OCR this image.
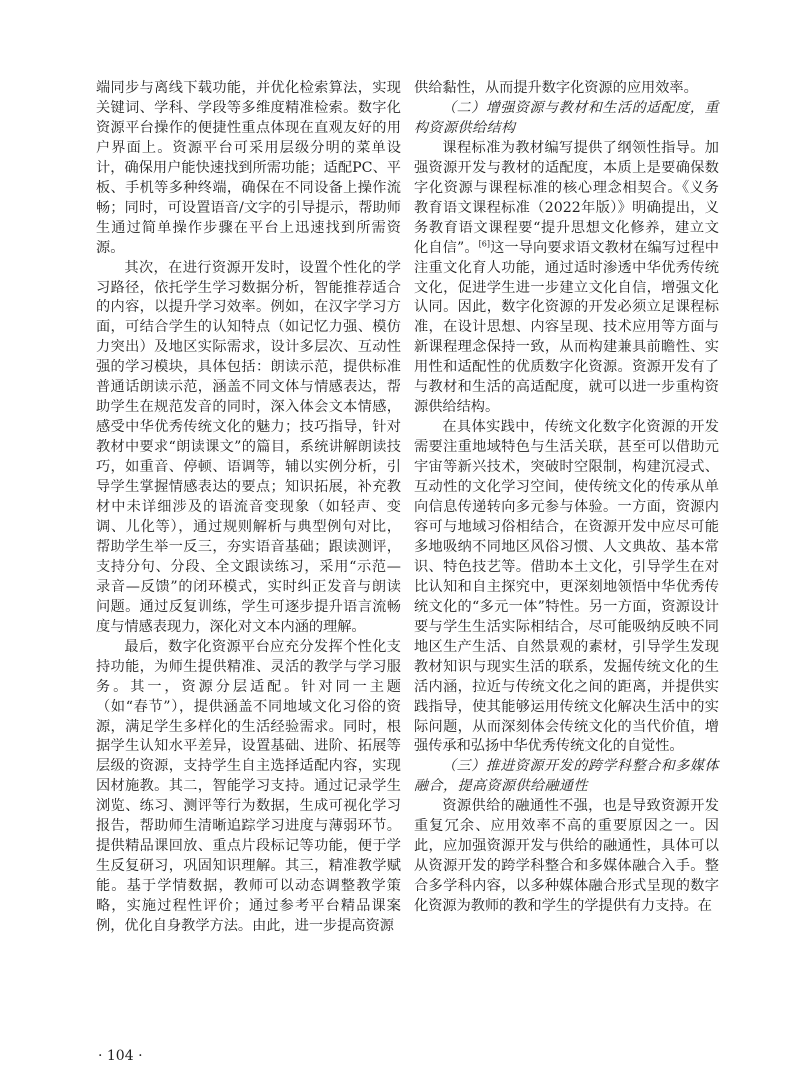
端同步与离线下载功能，并优化检索算法，实现关键词、学科、学段等多维度精准检索。数字化资源平台操作的便捷性重点体现在直观友好的用户界面上。资源平台可采用层级分明的菜单设计，确保用户能快速找到所需功能；适配PC、平板、手机等多种终端，确保在不同设备上操作流畅；同时，可设置语音/文字的引导提示，帮助师生通过简单操作步骤在平台上迅速找到所需资源。

其次，在进行资源开发时，设置个性化的学习路径，依托学生学习数据分析，智能推荐适合的内容，以提升学习效率。例如，在汉字学习方面，可结合学生的认知特点（如记忆力强、模仿力突出）及地区实际需求，设计多层次、互动性强的学习模块，具体包括：朗读示范，提供标准普通话朗读示范，涵盖不同文体与情感表达，帮助学生在规范发音的同时，深入体会文本情感，感受中华优秀传统文化的魅力；技巧指导，针对教材中要求“朗读课文”的篇目，系统讲解朗读技巧，如重音、停顿、语调等，辅以实例分析，引导学生掌握情感表达的要点；知识拓展，补充教材中未详细涉及的语流音变现象（如轻声、变调、儿化等），通过规则解析与典型例句对比，帮助学生举一反三，夯实语音基础；跟读测评，支持分句、分段、全文跟读练习，采用“示范—录音—反馈”的闭环模式，实时纠正发音与朗读问题。通过反复训练，学生可逐步提升语言流畅度与情感表现力，深化对文本内涵的理解。

最后，数字化资源平台应充分发挥个性化支持功能，为师生提供精准、灵活的教学与学习服务。其一，资源分层适配。针对同一主题（如“春节”），提供涵盖不同地域文化习俗的资源，满足学生多样化的生活经验需求。同时，根据学生认知水平差异，设置基础、进阶、拓展等层级的资源，支持学生自主选择适配内容，实现因材施教。其二，智能学习支持。通过记录学生浏览、练习、测评等行为数据，生成可视化学习报告，帮助师生清晰追踪学习进度与薄弱环节。提供精品课回放、重点片段标记等功能，便于学生反复研习，巩固知识理解。其三，精准教学赋能。基于学情数据，教师可以动态调整教学策略，实施过程性评价；通过参考平台精品课案例，优化自身教学方法。由此，进一步提高资源

供给黏性，从而提升数字化资源的应用效率。

（二）增强资源与教材和生活的适配度，重构资源供给结构

课程标准为教材编写提供了纲领性指导。加强资源开发与教材的适配度，本质上是要确保数字化资源与课程标准的核心理念相契合。《义务教育语文课程标准（2022年版）》明确提出，义务教育语文课程要“提升思想文化修养，建立文化自信”。[6]这一导向要求语文教材在编写过程中注重文化育人功能，通过适时渗透中华优秀传统文化，促进学生进一步建立文化自信，增强文化认同。因此，数字化资源的开发必须立足课程标准，在设计思想、内容呈现、技术应用等方面与新课程理念保持一致，从而构建兼具前瞻性、实用性和适配性的优质数字化资源。资源开发有了与教材和生活的高适配度，就可以进一步重构资源供给结构。

在具体实践中，传统文化数字化资源的开发需要注重地域特色与生活关联，甚至可以借助元宇宙等新兴技术，突破时空限制，构建沉浸式、互动性的文化学习空间，使传统文化的传承从单向信息传递转向多元参与体验。一方面，资源内容可与地域习俗相结合，在资源开发中应尽可能多地吸纳不同地区风俗习惯、人文典故、基本常识、特色技艺等。借助本土文化，引导学生在对比认知和自主探究中，更深刻地领悟中华优秀传统文化的“多元一体”特性。另一方面，资源设计要与学生生活实际相结合，尽可能吸纳反映不同地区生产生活、自然景观的素材，引导学生发现教材知识与现实生活的联系，发掘传统文化的生活内涵，拉近与传统文化之间的距离，并提供实践指导，使其能够运用传统文化解决生活中的实际问题，从而深刻体会传统文化的当代价值，增强传承和弘扬中华优秀传统文化的自觉性。

（三）推进资源开发的跨学科整合和多媒体融合，提高资源供给融通性

资源供给的融通性不强，也是导致资源开发重复冗余、应用效率不高的重要原因之一。因此，应加强资源开发与供给的融通性，具体可以从资源开发的跨学科整合和多媒体融合入手。整合多学科内容，以多种媒体融合形式呈现的数字化资源为教师的教和学生的学提供有力支持。在

· 104 ·
